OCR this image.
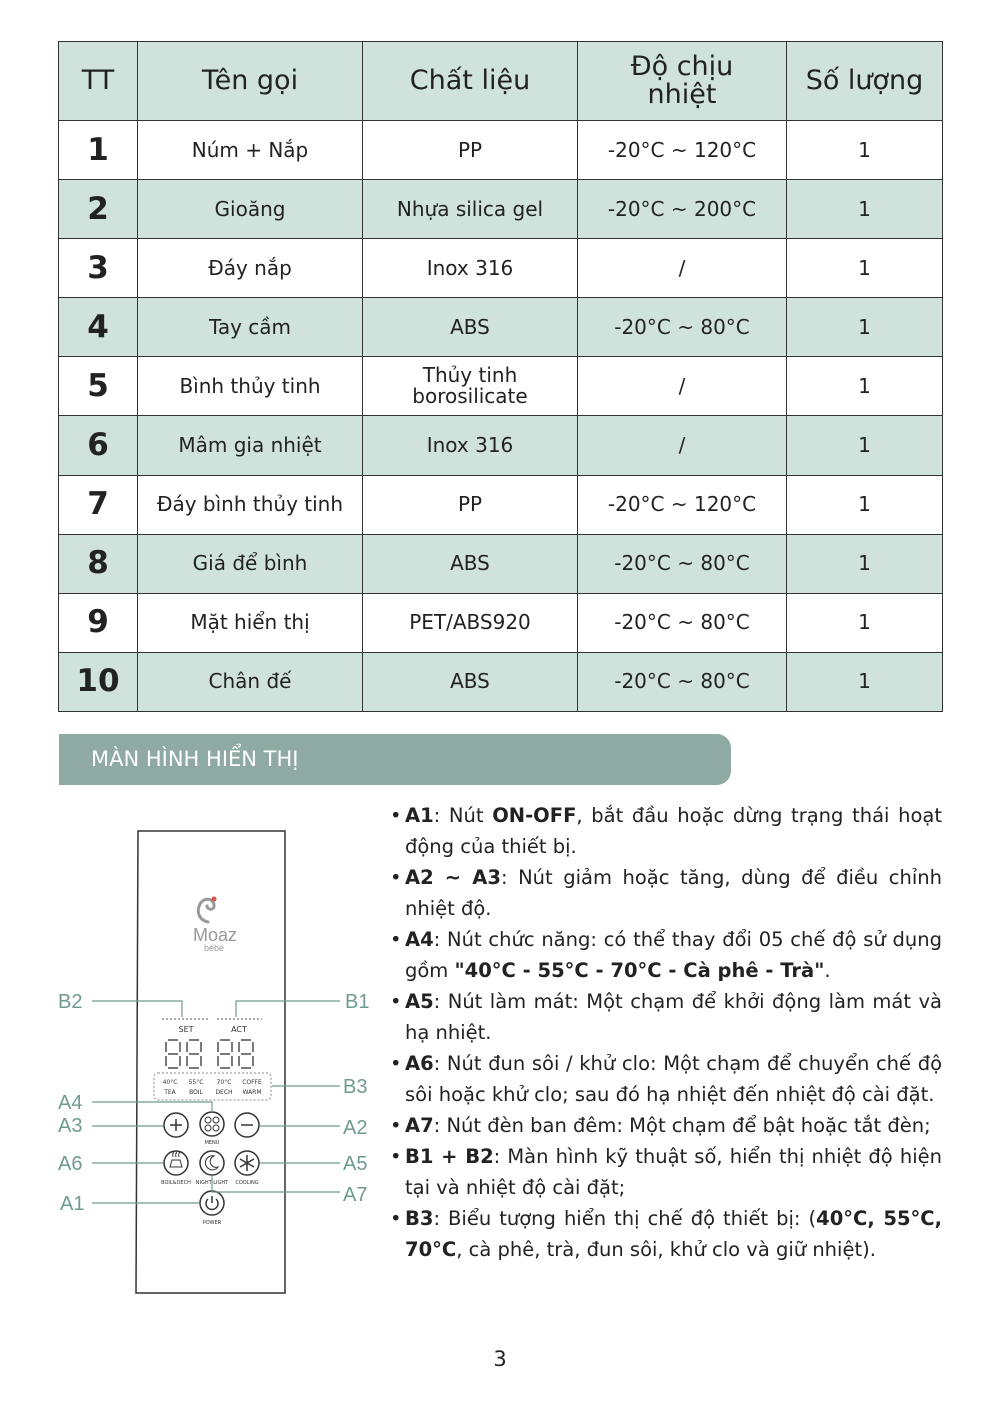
TT	Tên gọi	Chất liệu	Độ chịu nhiệt	Số lượng
1	Núm + Nắp	PP	-20°C ~ 120°C	1
2	Gioăng	Nhựa silica gel	-20°C ~ 200°C	1
3	Đáy nắp	Inox 316	/	1
4	Tay cầm	ABS	-20°C ~ 80°C	1
5	Bình thủy tinh	Thủy tinh borosilicate	/	1
6	Mâm gia nhiệt	Inox 316	/	1
7	Đáy bình thủy tinh	PP	-20°C ~ 120°C	1
8	Giá để bình	ABS	-20°C ~ 80°C	1
9	Mặt hiển thị	PET/ABS920	-20°C ~ 80°C	1
10	Chân đế	ABS	-20°C ~ 80°C	1
MÀN HÌNH HIỂN THỊ
Moaz
bébé
SET	ACT
40°C 55°C 70°C COFFE
TEA BOIL DECH WARM
MENU
BOIL&DECH NIGHT LIGHT COOLING
POWER
B2	B1
B3
A4
A3	A2
A6	A5
A7
A1
• A1: Nút ON-OFF, bắt đầu hoặc dừng trạng thái hoạt động của thiết bị.
• A2 ~ A3: Nút giảm hoặc tăng, dùng để điều chỉnh nhiệt độ.
• A4: Nút chức năng: có thể thay đổi 05 chế độ sử dụng gồm "40°C - 55°C - 70°C - Cà phê - Trà".
• A5: Nút làm mát: Một chạm để khởi động làm mát và hạ nhiệt.
• A6: Nút đun sôi / khử clo: Một chạm để chuyển chế độ sôi hoặc khử clo; sau đó hạ nhiệt đến nhiệt độ cài đặt.
• A7: Nút đèn ban đêm: Một chạm để bật hoặc tắt đèn;
• B1 + B2: Màn hình kỹ thuật số, hiển thị nhiệt độ hiện tại và nhiệt độ cài đặt;
• B3: Biểu tượng hiển thị chế độ thiết bị: (40°C, 55°C, 70°C, cà phê, trà, đun sôi, khử clo và giữ nhiệt).
3
